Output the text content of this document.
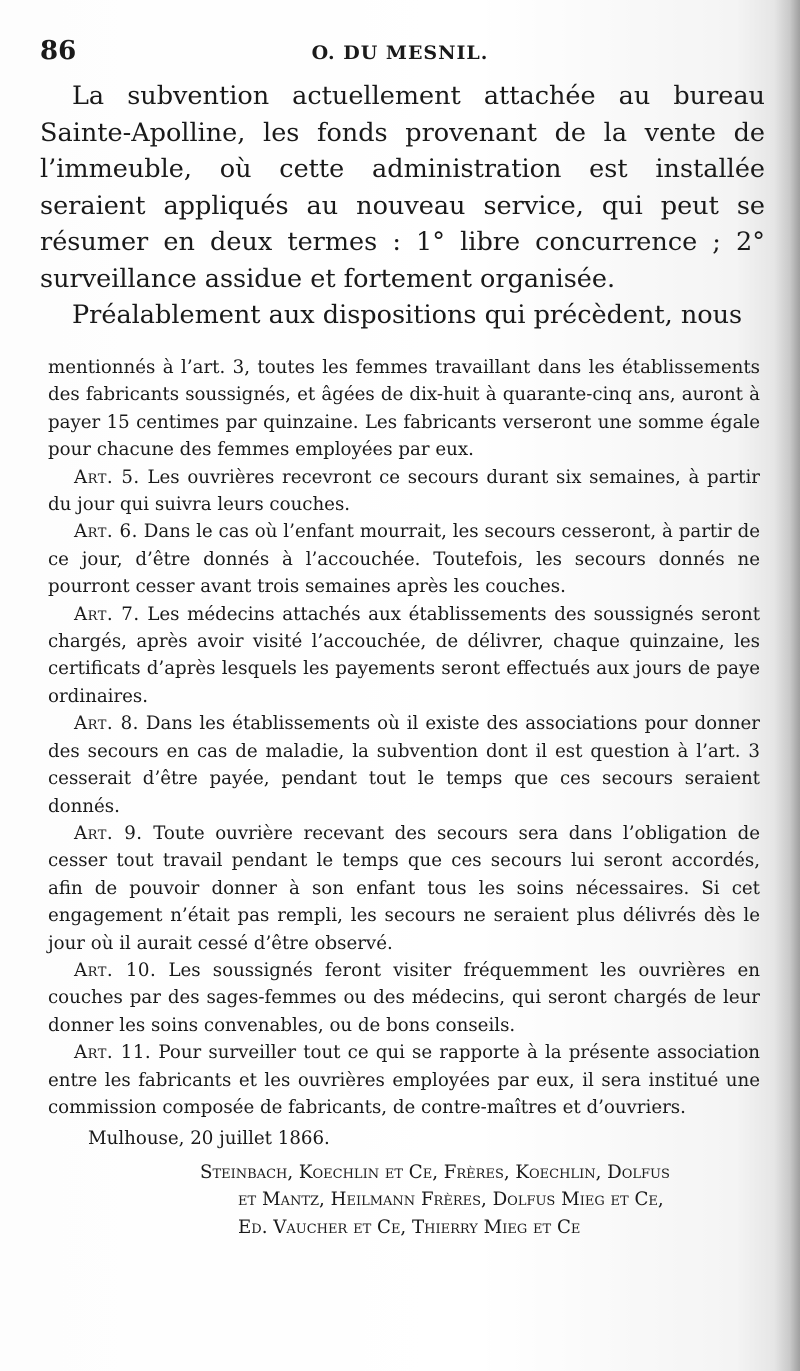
86	O. DU MESNIL.

La subvention actuellement attachée au bureau Sainte-Apolline, les fonds provenant de la vente de l’immeuble, où cette administration est installée seraient appliqués au nouveau service, qui peut se résumer en deux termes : 1° libre concurrence ; 2° surveillance assidue et fortement organisée.

Préalablement aux dispositions qui précèdent, nous

mentionnés à l’art. 3, toutes les femmes travaillant dans les établissements des fabricants soussignés, et âgées de dix-huit à quarante-cinq ans, auront à payer 15 centimes par quinzaine. Les fabricants verseront une somme égale pour chacune des femmes employées par eux.

Art. 5. Les ouvrières recevront ce secours durant six semaines, à partir du jour qui suivra leurs couches.

Art. 6. Dans le cas où l’enfant mourrait, les secours cesseront, à partir de ce jour, d’être donnés à l’accouchée. Toutefois, les secours donnés ne pourront cesser avant trois semaines après les couches.

Art. 7. Les médecins attachés aux établissements des soussignés seront chargés, après avoir visité l’accouchée, de délivrer, chaque quinzaine, les certificats d’après lesquels les payements seront effectués aux jours de paye ordinaires.

Art. 8. Dans les établissements où il existe des associations pour donner des secours en cas de maladie, la subvention dont il est question à l’art. 3 cesserait d’être payée, pendant tout le temps que ces secours seraient donnés.

Art. 9. Toute ouvrière recevant des secours sera dans l’obligation de cesser tout travail pendant le temps que ces secours lui seront accordés, afin de pouvoir donner à son enfant tous les soins nécessaires. Si cet engagement n’était pas rempli, les secours ne seraient plus délivrés dès le jour où il aurait cessé d’être observé.

Art. 10. Les soussignés feront visiter fréquemment les ouvrières en couches par des sages-femmes ou des médecins, qui seront chargés de leur donner les soins convenables, ou de bons conseils.

Art. 11. Pour surveiller tout ce qui se rapporte à la présente association entre les fabricants et les ouvrières employées par eux, il sera institué une commission composée de fabricants, de contre-maîtres et d’ouvriers.

Mulhouse, 20 juillet 1866.

Steinbach, Koechlin et Ce, Frères, Koechlin, Dolfus
et Mantz, Heilmann Frères, Dolfus Mieg et Ce,
Ed. Vaucher et Ce, Thierry Mieg et Ce
